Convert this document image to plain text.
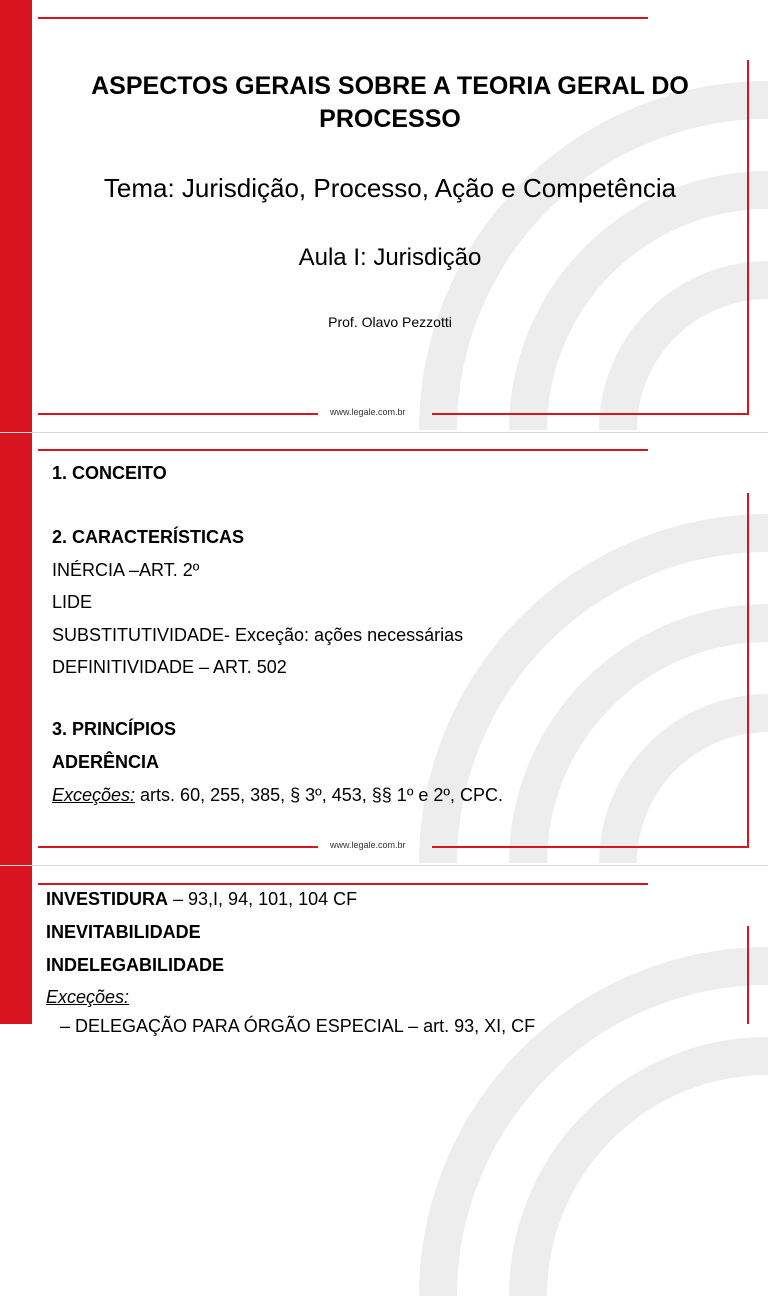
ASPECTOS GERAIS SOBRE A TEORIA GERAL DO
PROCESSO
Tema: Jurisdição, Processo, Ação e Competência
Aula I: Jurisdição
Prof. Olavo Pezzotti
www.legale.com.br
1. CONCEITO
2. CARACTERÍSTICAS
INÉRCIA –ART. 2º
LIDE
SUBSTITUTIVIDADE- Exceção: ações necessárias
DEFINITIVIDADE – ART. 502
3. PRINCÍPIOS
ADERÊNCIA
Exceções: arts. 60, 255, 385, § 3º, 453, §§ 1º e 2º, CPC.
www.legale.com.br
INVESTIDURA – 93,I, 94, 101, 104 CF
INEVITABILIDADE
INDELEGABILIDADE
Exceções:
– DELEGAÇÃO PARA ÓRGÃO ESPECIAL – art. 93, XI, CF
